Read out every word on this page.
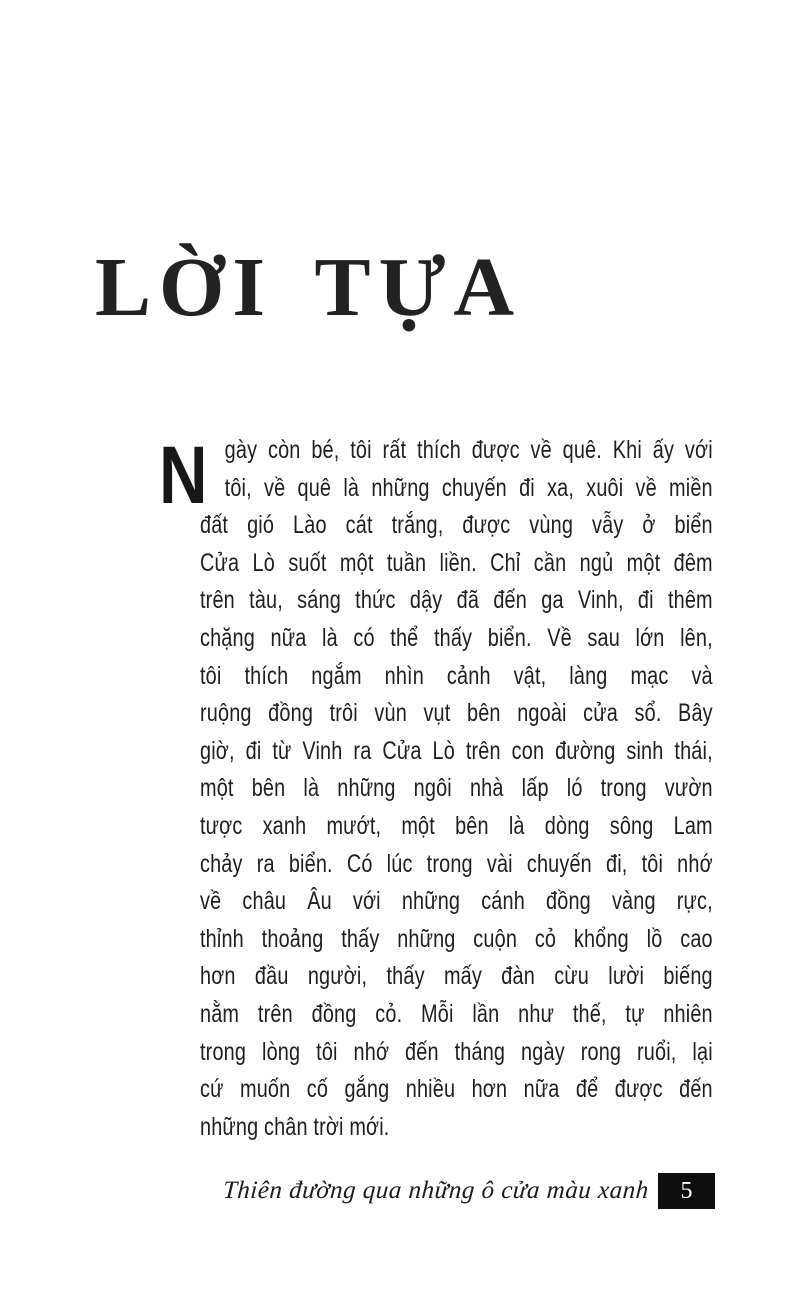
LỜI TỰA
N gày còn bé, tôi rất thích được về quê. Khi ấy với
tôi, về quê là những chuyến đi xa, xuôi về miền
đất gió Lào cát trắng, được vùng vẫy ở biển
Cửa Lò suốt một tuần liền. Chỉ cần ngủ một đêm
trên tàu, sáng thức dậy đã đến ga Vinh, đi thêm
chặng nữa là có thể thấy biển. Về sau lớn lên,
tôi thích ngắm nhìn cảnh vật, làng mạc và
ruộng đồng trôi vùn vụt bên ngoài cửa sổ. Bây
giờ, đi từ Vinh ra Cửa Lò trên con đường sinh thái,
một bên là những ngôi nhà lấp ló trong vườn
tược xanh mướt, một bên là dòng sông Lam
chảy ra biển. Có lúc trong vài chuyến đi, tôi nhớ
về châu Âu với những cánh đồng vàng rực,
thỉnh thoảng thấy những cuộn cỏ khổng lồ cao
hơn đầu người, thấy mấy đàn cừu lười biếng
nằm trên đồng cỏ. Mỗi lần như thế, tự nhiên
trong lòng tôi nhớ đến tháng ngày rong ruổi, lại
cứ muốn cố gắng nhiều hơn nữa để được đến
những chân trời mới.
Thiên đường qua những ô cửa màu xanh	5
